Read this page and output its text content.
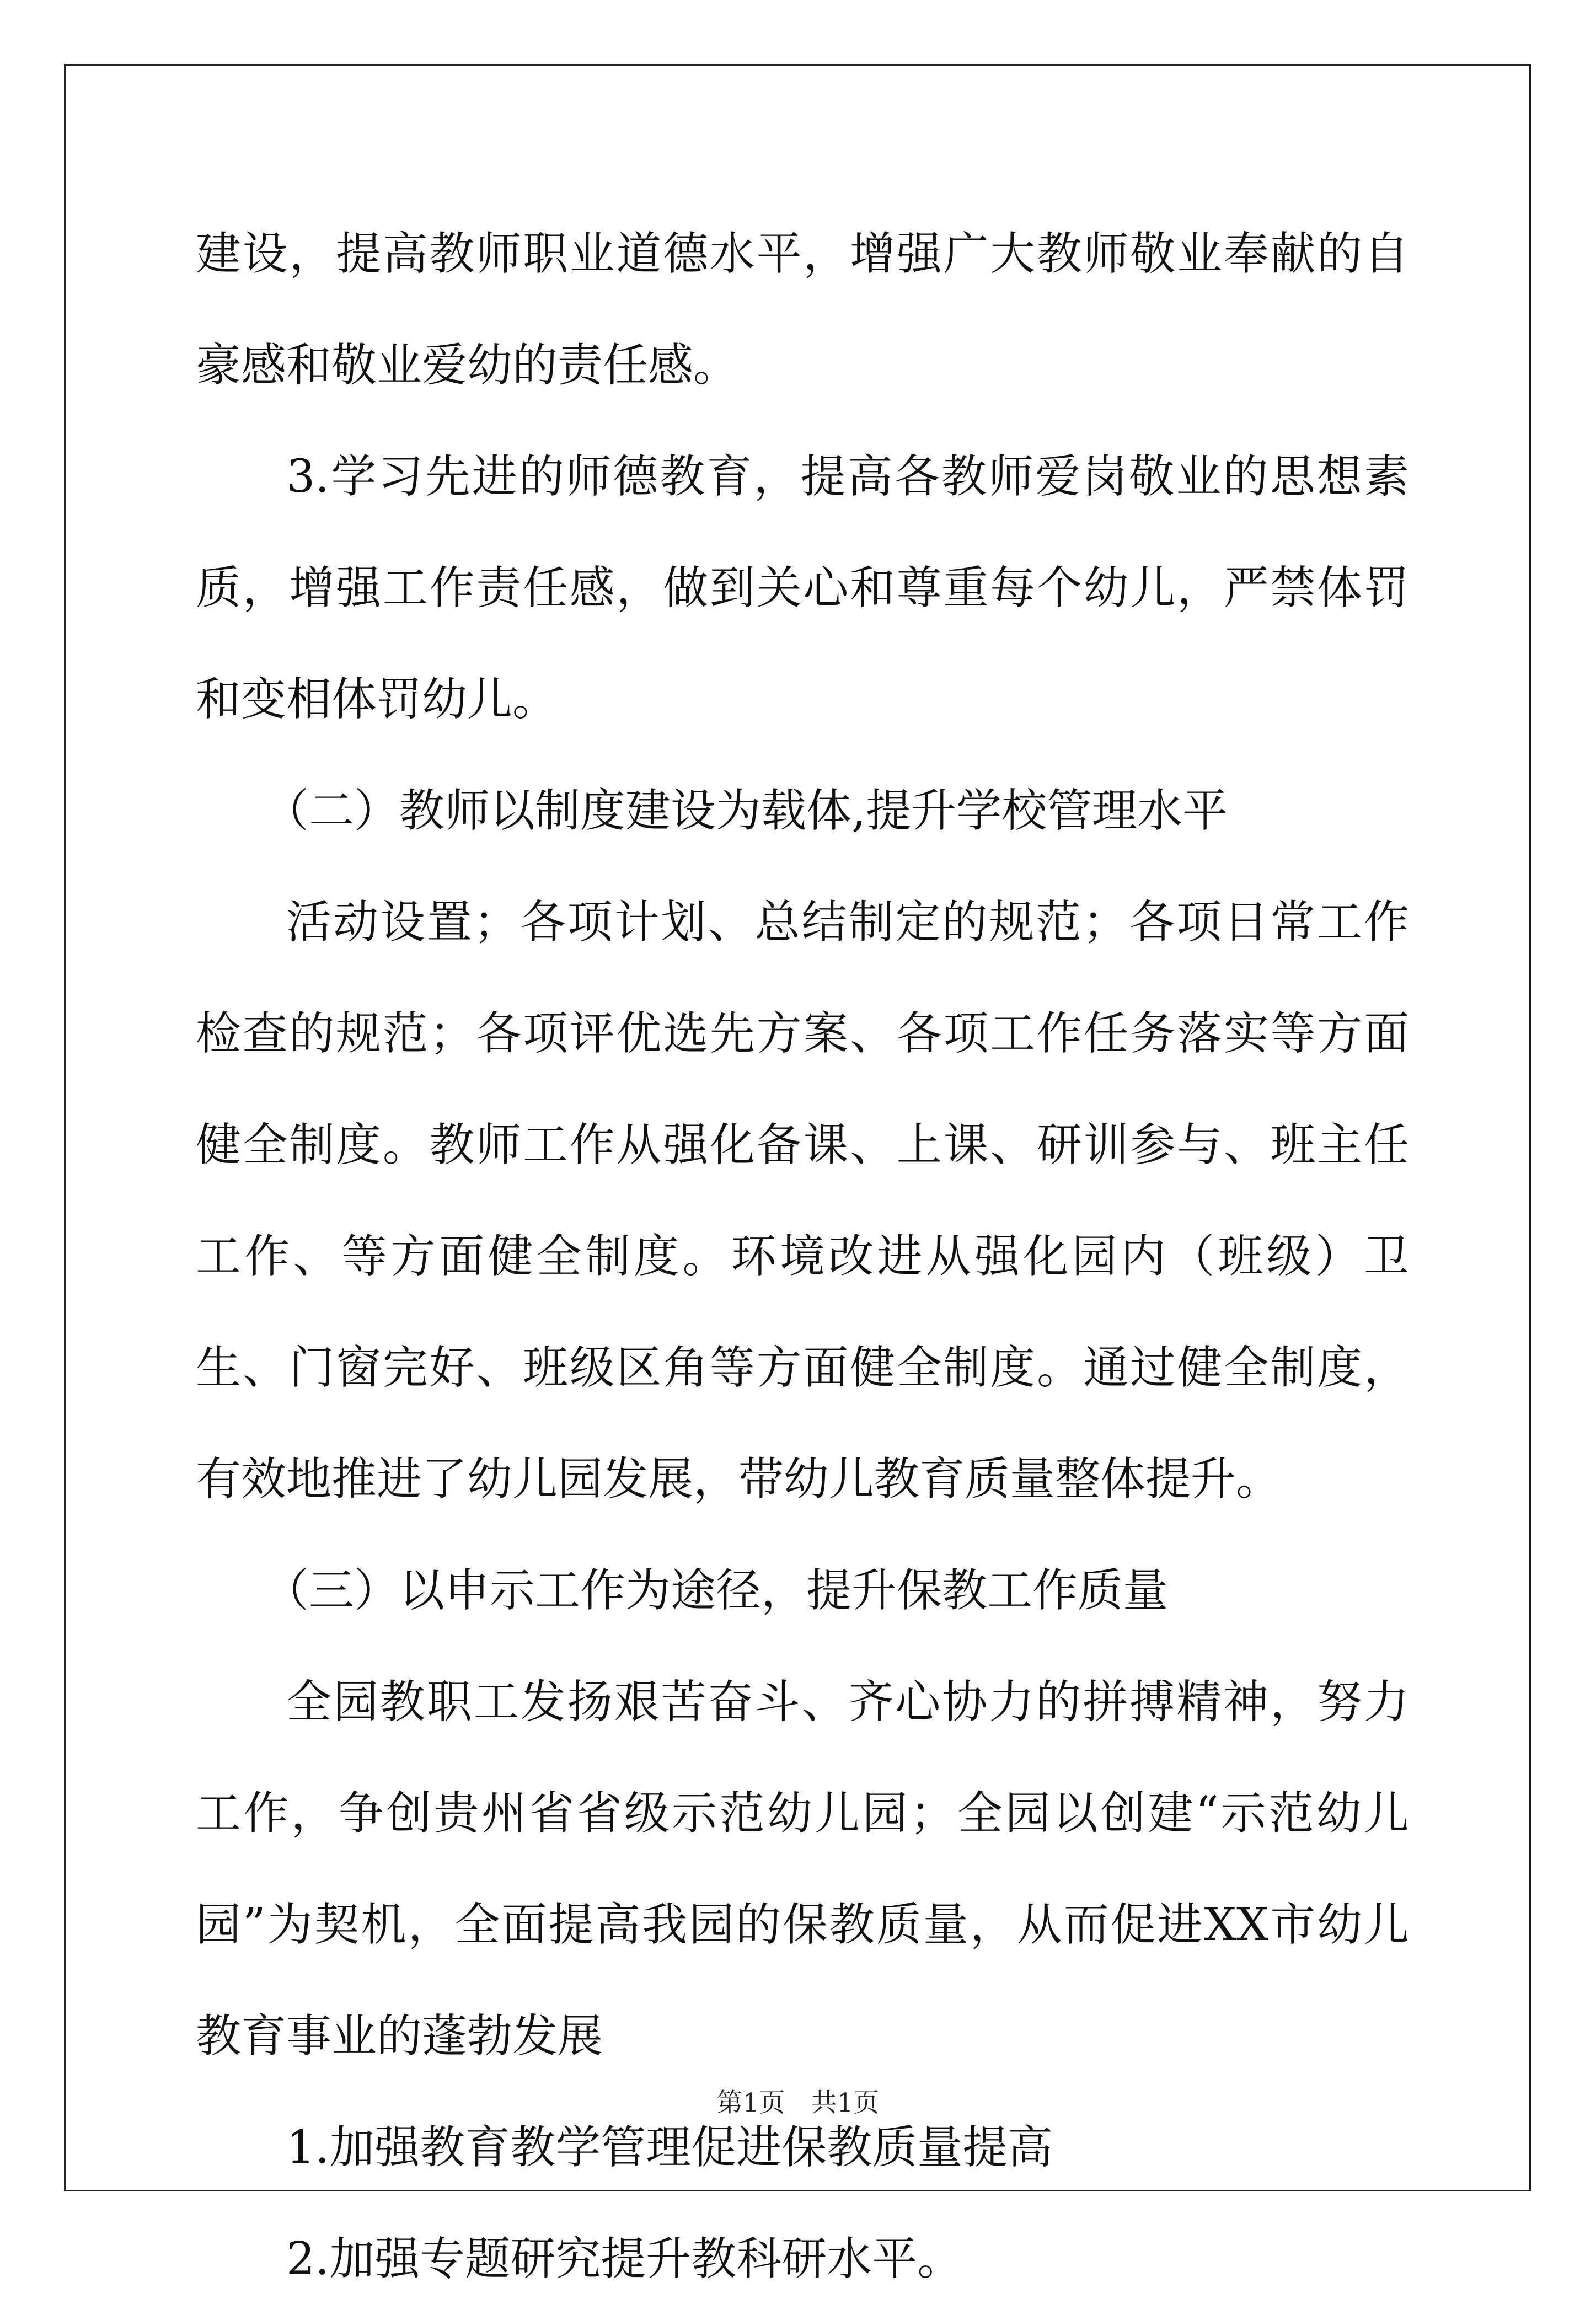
建设，提高教师职业道德水平，增强广大教师敬业奉献的自豪感和敬业爱幼的责任感。

3.学习先进的师德教育，提高各教师爱岗敬业的思想素质，增强工作责任感，做到关心和尊重每个幼儿，严禁体罚和变相体罚幼儿。

（二）教师以制度建设为载体,提升学校管理水平

活动设置；各项计划、总结制定的规范；各项日常工作检查的规范；各项评优选先方案、各项工作任务落实等方面健全制度。教师工作从强化备课、上课、研训参与、班主任工作、等方面健全制度。环境改进从强化园内（班级）卫生、门窗完好、班级区角等方面健全制度。通过健全制度，有效地推进了幼儿园发展，带幼儿教育质量整体提升。

（三）以申示工作为途径，提升保教工作质量

全园教职工发扬艰苦奋斗、齐心协力的拼搏精神，努力工作，争创贵州省省级示范幼儿园；全园以创建“示范幼儿园”为契机，全面提高我园的保教质量，从而促进XX市幼儿教育事业的蓬勃发展

1.加强教育教学管理促进保教质量提高

2.加强专题研究提升教科研水平。

第1页 共1页
